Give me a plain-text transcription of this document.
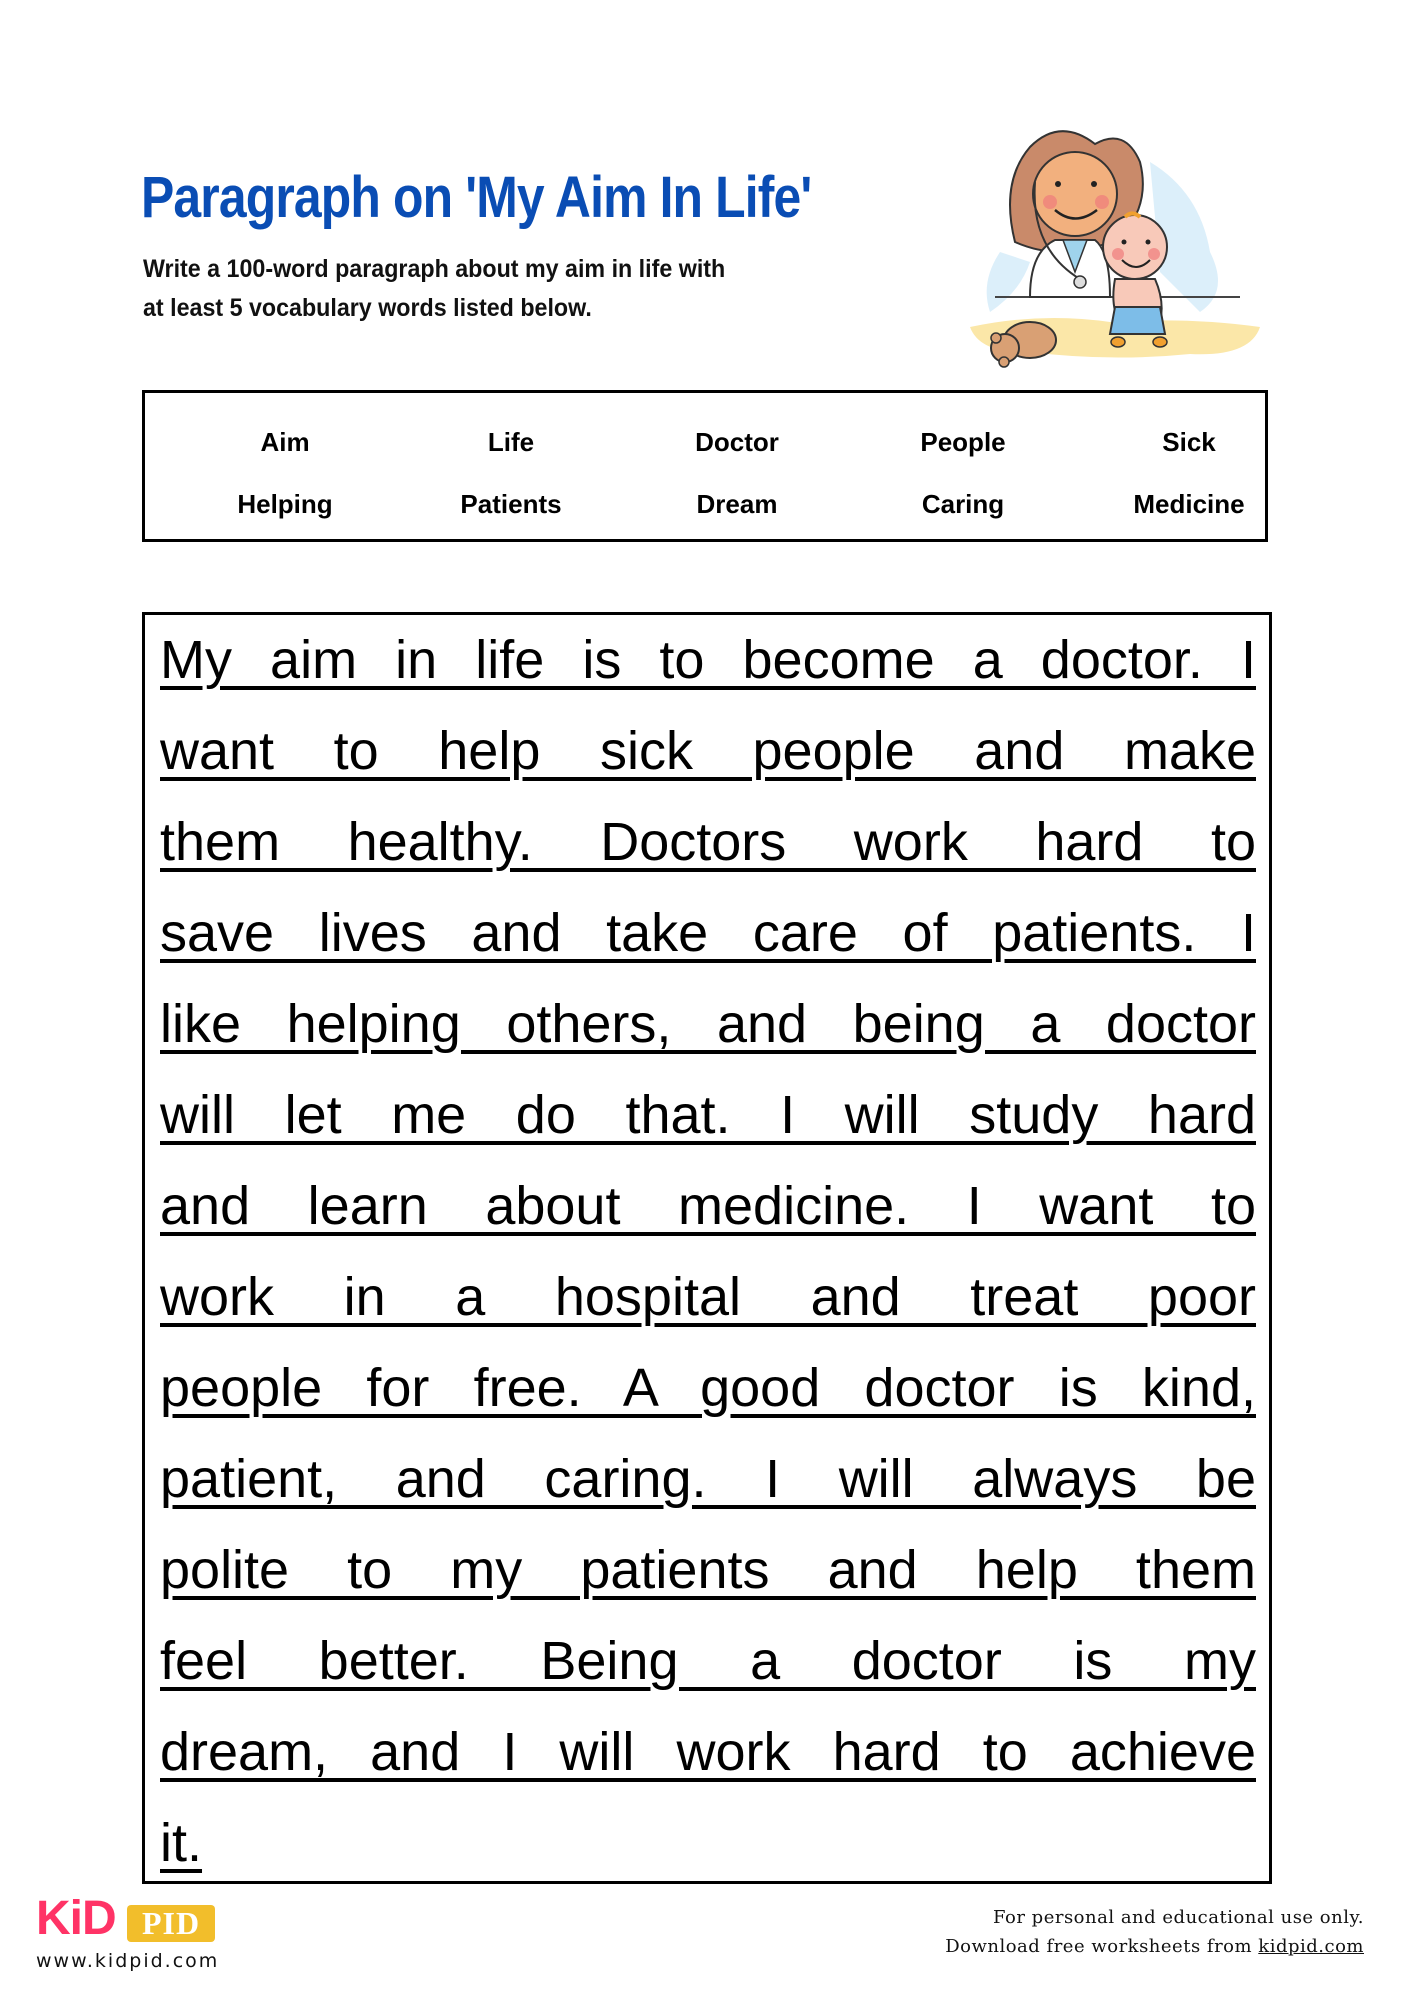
Paragraph on 'My Aim In Life'
Write a 100-word paragraph about my aim in life with
at least 5 vocabulary words listed below.
Aim	Life	Doctor	People	Sick
Helping	Patients	Dream	Caring	Medicine
My aim in life is to become a doctor. I
want to help sick people and make
them healthy. Doctors work hard to
save lives and take care of patients. I
like helping others, and being a doctor
will let me do that. I will study hard
and learn about medicine. I want to
work in a hospital and treat poor
people for free. A good doctor is kind,
patient, and caring. I will always be
polite to my patients and help them
feel better. Being a doctor is my
dream, and I will work hard to achieve
it.
KiD PID
www.kidpid.com
For personal and educational use only.
Download free worksheets from kidpid.com
